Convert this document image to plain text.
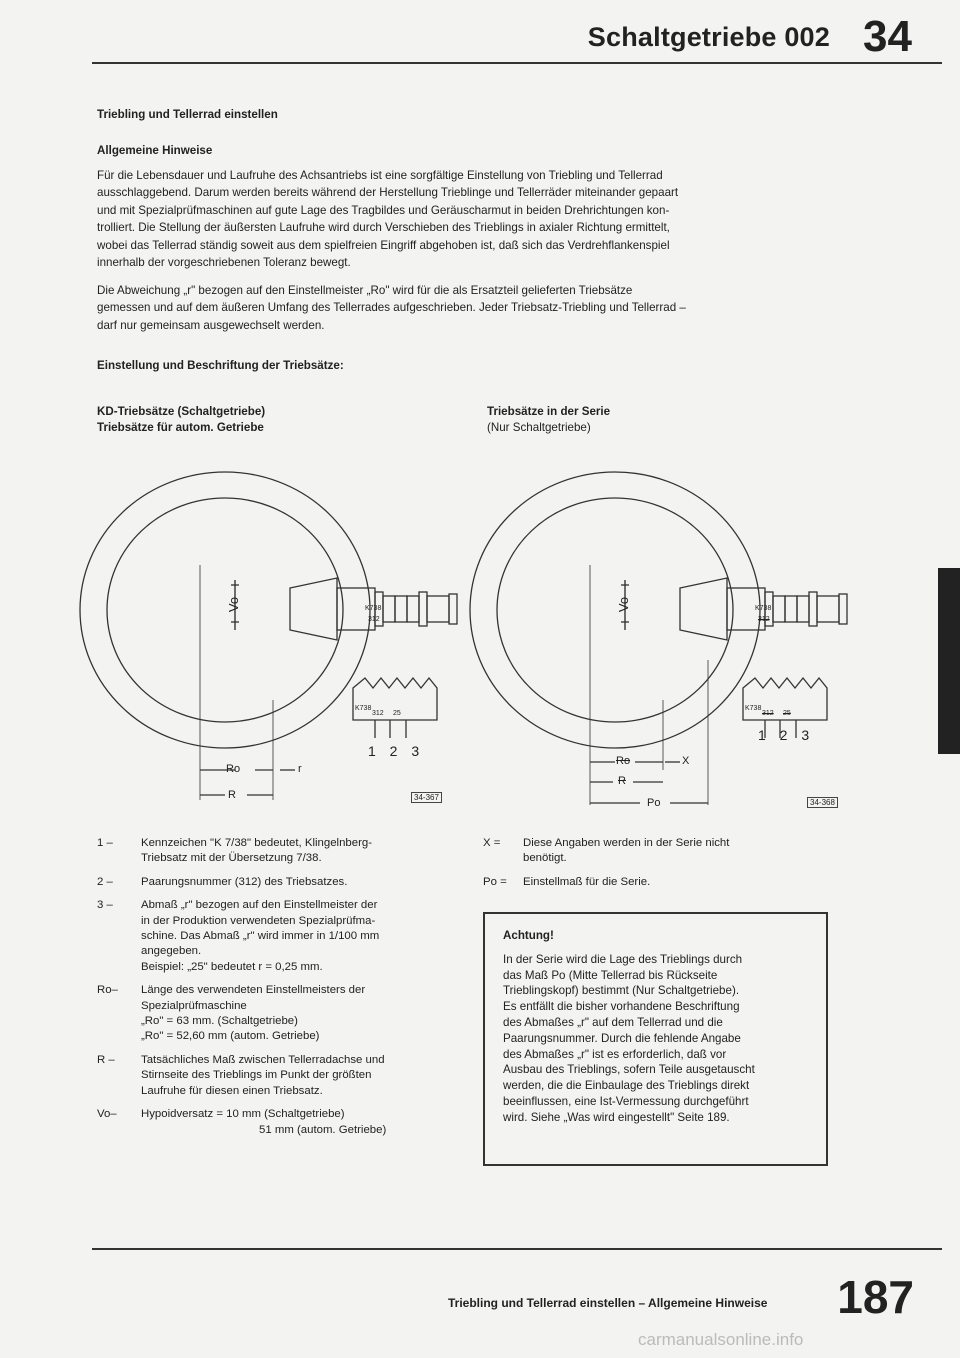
Schaltgetriebe 002 34
Triebling und Tellerrad einstellen
Allgemeine Hinweise
Für die Lebensdauer und Laufruhe des Achsantriebs ist eine sorgfältige Einstellung von Triebling und Tellerrad
ausschlaggebend. Darum werden bereits während der Herstellung Trieblinge und Tellerräder miteinander gepaart
und mit Spezialprüfmaschinen auf gute Lage des Tragbildes und Geräuscharmut in beiden Drehrichtungen kon-
trolliert. Die Stellung der äußersten Laufruhe wird durch Verschieben des Trieblings in axialer Richtung ermittelt,
wobei das Tellerrad ständig soweit aus dem spielfreien Eingriff abgehoben ist, daß sich das Verdrehflankenspiel
innerhalb der vorgeschriebenen Toleranz bewegt.
Die Abweichung „r" bezogen auf den Einstellmeister „Ro" wird für die als Ersatzteil gelieferten Triebsätze
gemessen und auf dem äußeren Umfang des Tellerrades aufgeschrieben. Jeder Triebsatz-Triebling und Tellerrad –
darf nur gemeinsam ausgewechselt werden.
Einstellung und Beschriftung der Triebsätze:
KD-Triebsätze (Schaltgetriebe)
Triebsätze für autom. Getriebe
Triebsätze in der Serie
(Nur Schaltgetriebe)
Vo	K738
312
K738
312 25
1 2 3
Ro	r
R	34-367
Vo	K738
312
K738
312 25
1 2 3
Ro	X
R
Po	34-368
1 –	Kennzeichen "K 7/38" bedeutet, Klingelnberg-
Triebsatz mit der Übersetzung 7/38.
2 –	Paarungsnummer (312) des Triebsatzes.
3 –	Abmaß „r" bezogen auf den Einstellmeister der
in der Produktion verwendeten Spezialprüfma-
schine. Das Abmaß „r" wird immer in 1/100 mm
angegeben.
Beispiel: „25" bedeutet r = 0,25 mm.
Ro–	Länge des verwendeten Einstellmeisters der
Spezialprüfmaschine
„Ro" = 63 mm. (Schaltgetriebe)
„Ro" = 52,60 mm (autom. Getriebe)
R –	Tatsächliches Maß zwischen Tellerradachse und
Stirnseite des Trieblings im Punkt der größten
Laufruhe für diesen einen Triebsatz.
Vo–	Hypoidversatz = 10 mm (Schaltgetriebe)
51 mm (autom. Getriebe)
X =	Diese Angaben werden in der Serie nicht
benötigt.
Po =	Einstellmaß für die Serie.
Achtung!
In der Serie wird die Lage des Trieblings durch
das Maß Po (Mitte Tellerrad bis Rückseite
Trieblingskopf) bestimmt (Nur Schaltgetriebe).
Es entfällt die bisher vorhandene Beschriftung
des Abmaßes „r" auf dem Tellerrad und die
Paarungsnummer. Durch die fehlende Angabe
des Abmaßes „r" ist es erforderlich, daß vor
Ausbau des Trieblings, sofern Teile ausgetauscht
werden, die die Einbaulage des Trieblings direkt
beeinflussen, eine Ist-Vermessung durchgeführt
wird. Siehe „Was wird eingestellt" Seite 189.
Triebling und Tellerrad einstellen – Allgemeine Hinweise 187
carmanualsonline.info
